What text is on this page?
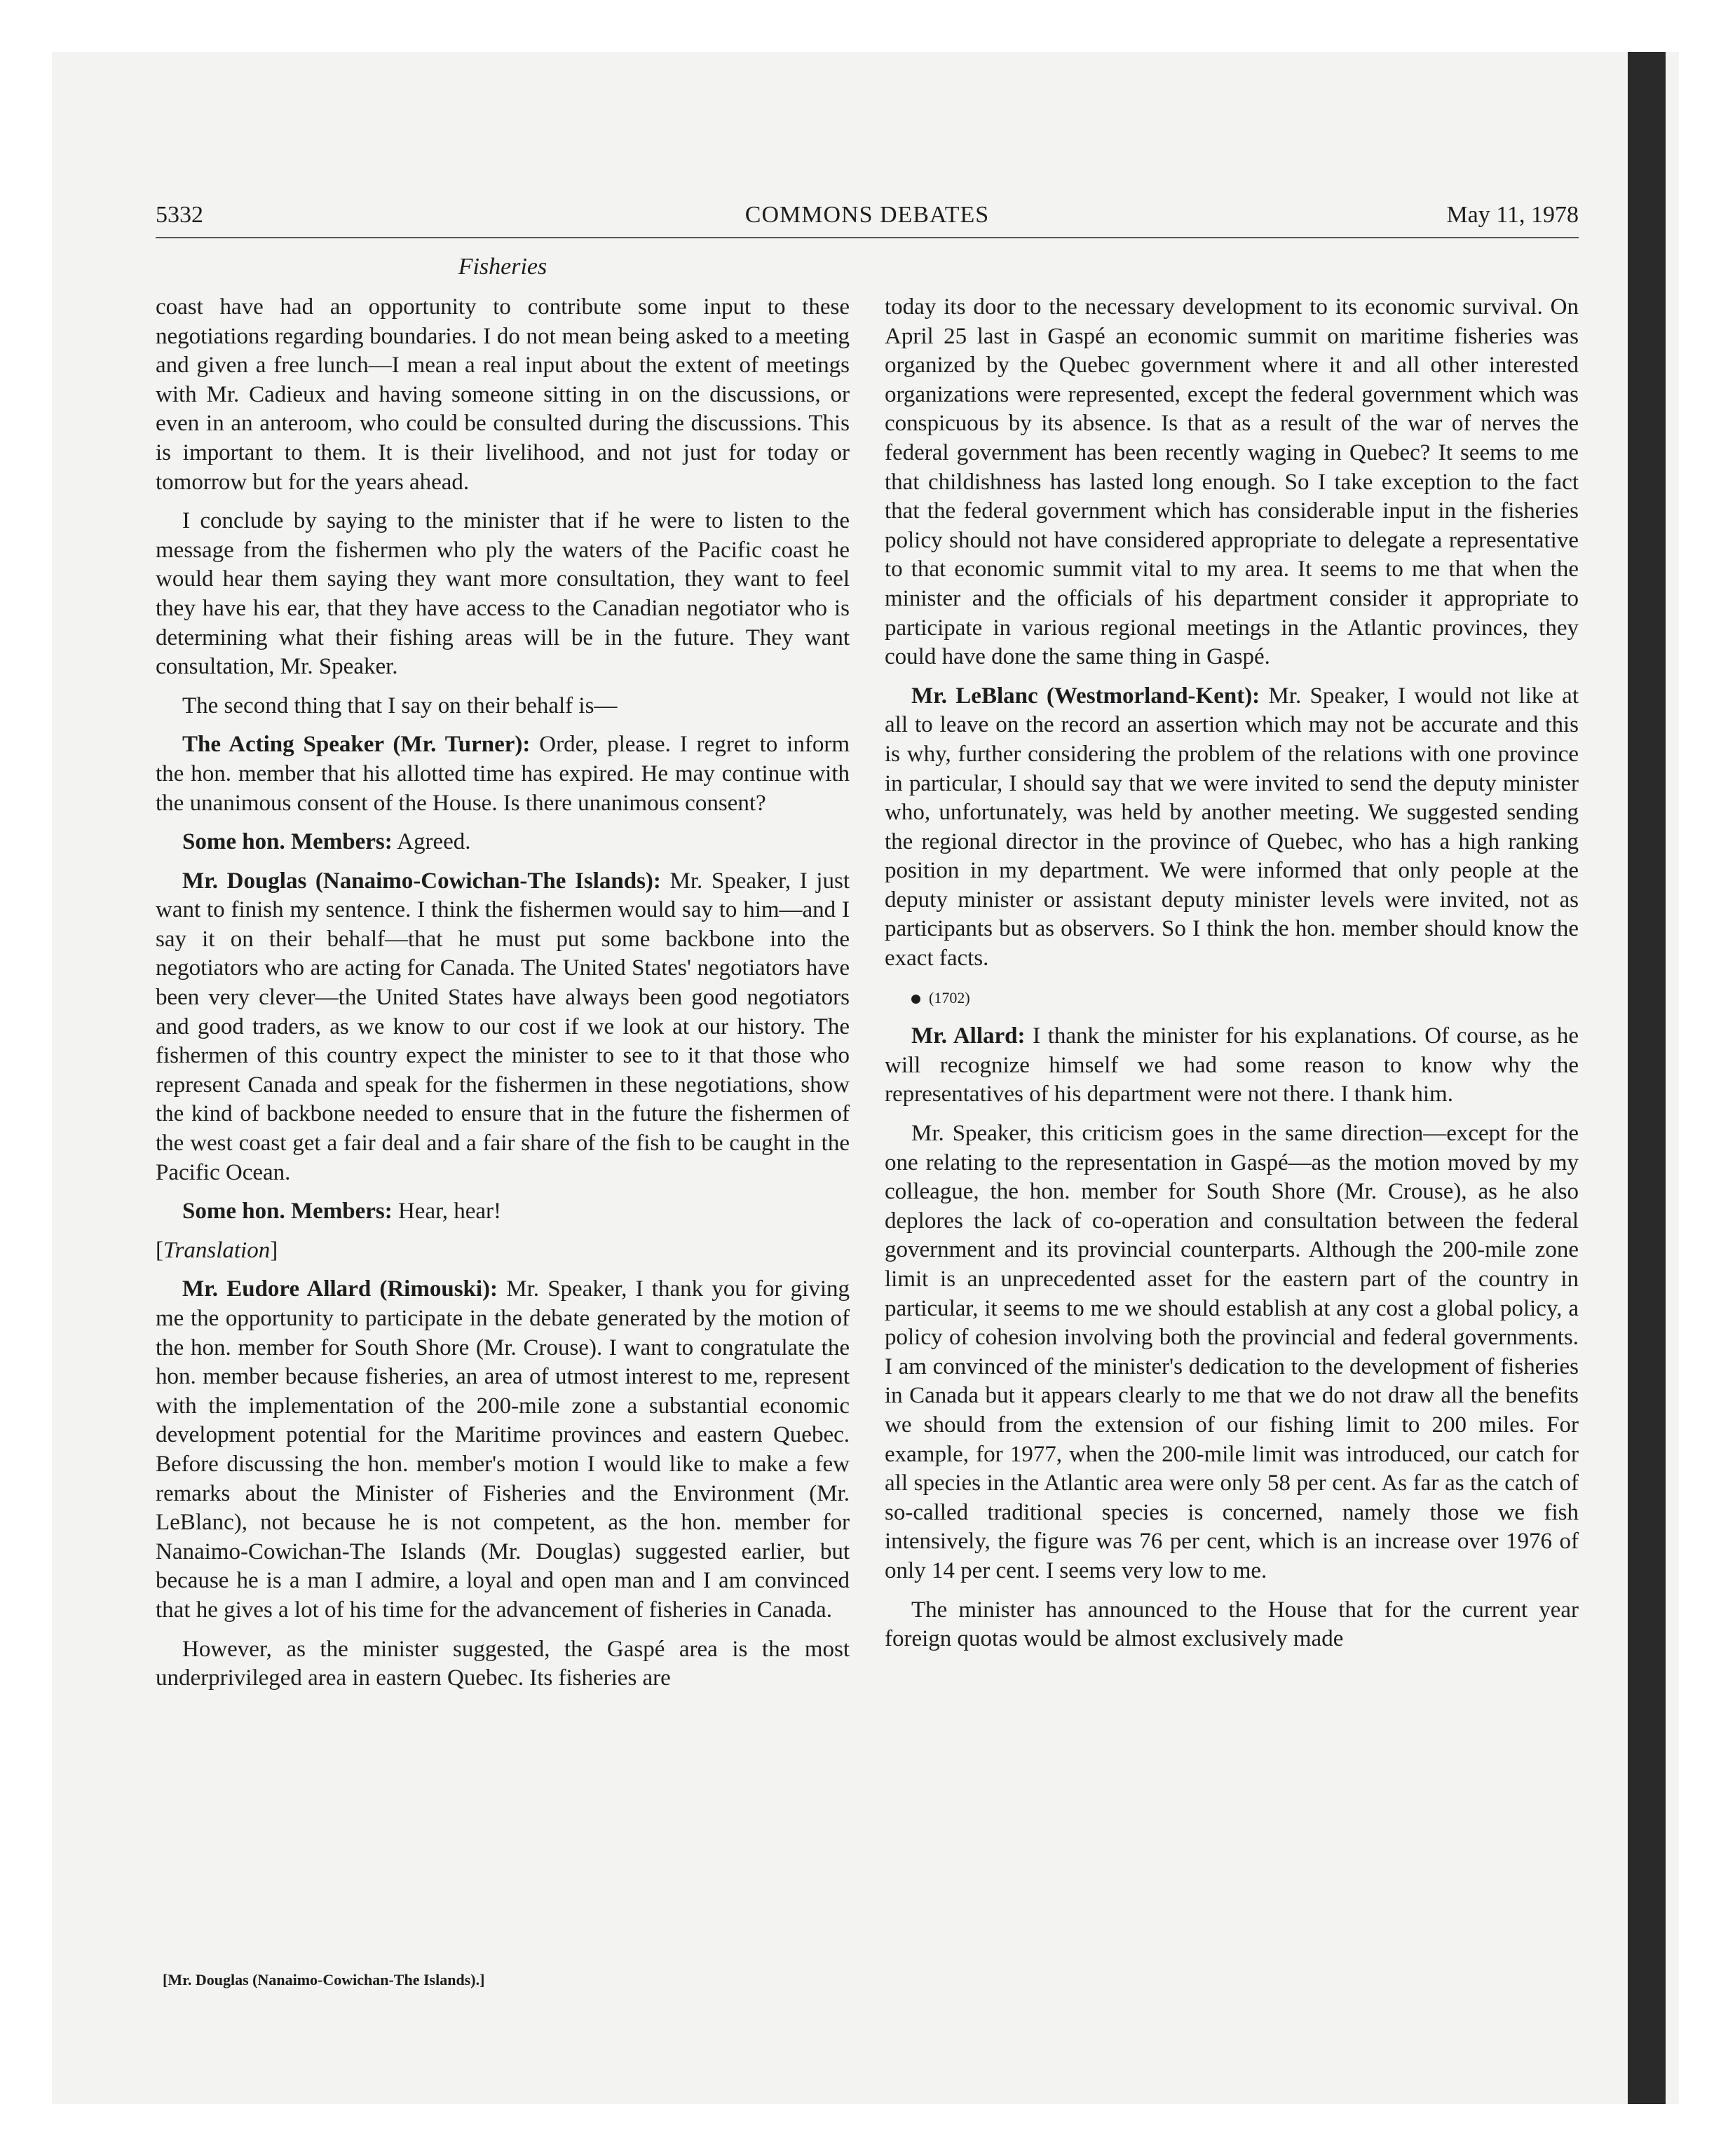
5332	COMMONS DEBATES	May 11, 1978
Fisheries

coast have had an opportunity to contribute some input to these negotiations regarding boundaries. I do not mean being asked to a meeting and given a free lunch—I mean a real input about the extent of meetings with Mr. Cadieux and having someone sitting in on the discussions, or even in an anteroom, who could be consulted during the discussions. This is important to them. It is their livelihood, and not just for today or tomorrow but for the years ahead.

I conclude by saying to the minister that if he were to listen to the message from the fishermen who ply the waters of the Pacific coast he would hear them saying they want more consultation, they want to feel they have his ear, that they have access to the Canadian negotiator who is determining what their fishing areas will be in the future. They want consultation, Mr. Speaker.

The second thing that I say on their behalf is—

The Acting Speaker (Mr. Turner): Order, please. I regret to inform the hon. member that his allotted time has expired. He may continue with the unanimous consent of the House. Is there unanimous consent?

Some hon. Members: Agreed.

Mr. Douglas (Nanaimo-Cowichan-The Islands): Mr. Speaker, I just want to finish my sentence. I think the fishermen would say to him—and I say it on their behalf—that he must put some backbone into the negotiators who are acting for Canada. The United States' negotiators have been very clever—the United States have always been good negotiators and good traders, as we know to our cost if we look at our history. The fishermen of this country expect the minister to see to it that those who represent Canada and speak for the fishermen in these negotiations, show the kind of backbone needed to ensure that in the future the fishermen of the west coast get a fair deal and a fair share of the fish to be caught in the Pacific Ocean.

Some hon. Members: Hear, hear!

[Translation]

Mr. Eudore Allard (Rimouski): Mr. Speaker, I thank you for giving me the opportunity to participate in the debate generated by the motion of the hon. member for South Shore (Mr. Crouse). I want to congratulate the hon. member because fisheries, an area of utmost interest to me, represent with the implementation of the 200-mile zone a substantial economic development potential for the Maritime provinces and eastern Quebec. Before discussing the hon. member's motion I would like to make a few remarks about the Minister of Fisheries and the Environment (Mr. LeBlanc), not because he is not competent, as the hon. member for Nanaimo-Cowichan-The Islands (Mr. Douglas) suggested earlier, but because he is a man I admire, a loyal and open man and I am convinced that he gives a lot of his time for the advancement of fisheries in Canada.

However, as the minister suggested, the Gaspé area is the most underprivileged area in eastern Quebec. Its fisheries are

today its door to the necessary development to its economic survival. On April 25 last in Gaspé an economic summit on maritime fisheries was organized by the Quebec government where it and all other interested organizations were represented, except the federal government which was conspicuous by its absence. Is that as a result of the war of nerves the federal government has been recently waging in Quebec? It seems to me that childishness has lasted long enough. So I take exception to the fact that the federal government which has considerable input in the fisheries policy should not have considered appropriate to delegate a representative to that economic summit vital to my area. It seems to me that when the minister and the officials of his department consider it appropriate to participate in various regional meetings in the Atlantic provinces, they could have done the same thing in Gaspé.

Mr. LeBlanc (Westmorland-Kent): Mr. Speaker, I would not like at all to leave on the record an assertion which may not be accurate and this is why, further considering the problem of the relations with one province in particular, I should say that we were invited to send the deputy minister who, unfortunately, was held by another meeting. We suggested sending the regional director in the province of Quebec, who has a high ranking position in my department. We were informed that only people at the deputy minister or assistant deputy minister levels were invited, not as participants but as observers. So I think the hon. member should know the exact facts.

(1702)

Mr. Allard: I thank the minister for his explanations. Of course, as he will recognize himself we had some reason to know why the representatives of his department were not there. I thank him.

Mr. Speaker, this criticism goes in the same direction—except for the one relating to the representation in Gaspé—as the motion moved by my colleague, the hon. member for South Shore (Mr. Crouse), as he also deplores the lack of co-operation and consultation between the federal government and its provincial counterparts. Although the 200-mile zone limit is an unprecedented asset for the eastern part of the country in particular, it seems to me we should establish at any cost a global policy, a policy of cohesion involving both the provincial and federal governments. I am convinced of the minister's dedication to the development of fisheries in Canada but it appears clearly to me that we do not draw all the benefits we should from the extension of our fishing limit to 200 miles. For example, for 1977, when the 200-mile limit was introduced, our catch for all species in the Atlantic area were only 58 per cent. As far as the catch of so-called traditional species is concerned, namely those we fish intensively, the figure was 76 per cent, which is an increase over 1976 of only 14 per cent. I seems very low to me.

The minister has announced to the House that for the current year foreign quotas would be almost exclusively made

[Mr. Douglas (Nanaimo-Cowichan-The Islands).]
